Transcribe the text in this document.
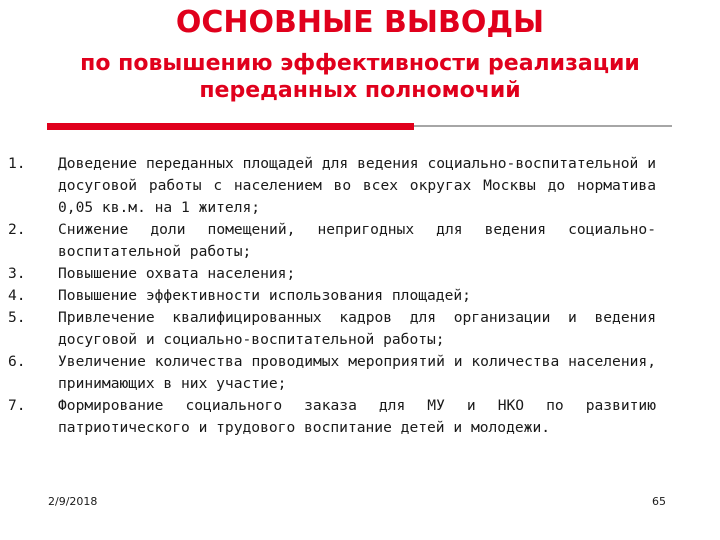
ОСНОВНЫЕ ВЫВОДЫ
по повышению эффективности реализации
переданных полномочий
1.	Доведение переданных площадей для ведения социально-воспитательной и досуговой работы с населением во всех округах Москвы до норматива 0,05 кв.м. на 1 жителя;
2.	Снижение доли помещений, непригодных для ведения социально-воспитательной работы;
3.	Повышение охвата населения;
4.	Повышение эффективности использования площадей;
5.	Привлечение квалифицированных кадров для организации и ведения досуговой и социально-воспитательной работы;
6.	Увеличение количества проводимых мероприятий и количества населения, принимающих в них участие;
7.	Формирование социального заказа для МУ и НКО по развитию патриотического и трудового воспитание детей и молодежи.
2/9/2018	65
